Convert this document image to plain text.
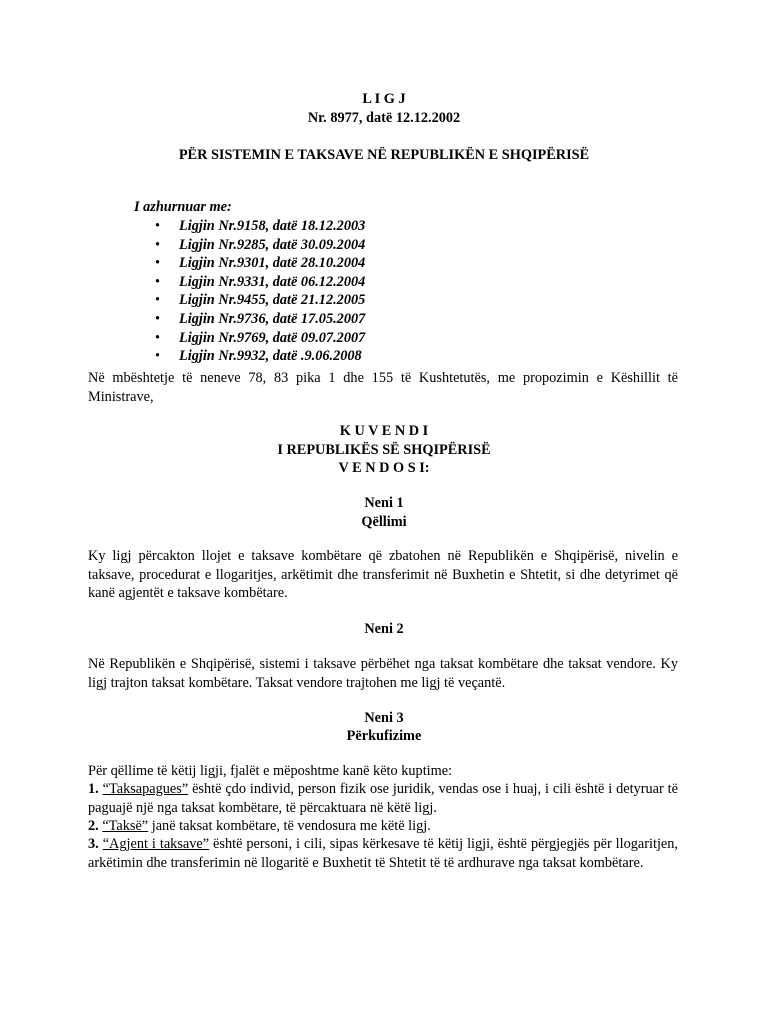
L I G J
Nr. 8977, datë 12.12.2002
PËR SISTEMIN E TAKSAVE NË REPUBLIKËN E SHQIPËRISË
I azhurnuar me:
• Ligjin Nr.9158, datë 18.12.2003
• Ligjin Nr.9285, datë 30.09.2004
• Ligjin Nr.9301, datë 28.10.2004
• Ligjin Nr.9331, datë 06.12.2004
• Ligjin Nr.9455, datë 21.12.2005
• Ligjin Nr.9736, datë 17.05.2007
• Ligjin Nr.9769, datë 09.07.2007
• Ligjin Nr.9932, datë .9.06.2008

Në mbështetje të neneve 78, 83 pika 1 dhe 155 të Kushtetutës, me propozimin e Këshillit të Ministrave,

K U V E N D I
I REPUBLIKËS SË SHQIPËRISË
V E N D O S I:
Neni 1
Qëllimi

Ky ligj përcakton llojet e taksave kombëtare që zbatohen në Republikën e Shqipërisë, nivelin e taksave, procedurat e llogaritjes, arkëtimit dhe transferimit në Buxhetin e Shtetit, si dhe detyrimet që kanë agjentët e taksave kombëtare.

Neni 2

Në Republikën e Shqipërisë, sistemi i taksave përbëhet nga taksat kombëtare dhe taksat vendore. Ky ligj trajton taksat kombëtare. Taksat vendore trajtohen me ligj të veçantë.

Neni 3
Përkufizime

Për qëllime të këtij ligji, fjalët e mëposhtme kanë këto kuptime:

1. “Taksapagues” është çdo individ, person fizik ose juridik, vendas ose i huaj, i cili është i detyruar të paguajë një nga taksat kombëtare, të përcaktuara në këtë ligj.

2. “Taksë” janë taksat kombëtare, të vendosura me këtë ligj.

3. “Agjent i taksave” është personi, i cili, sipas kërkesave të këtij ligji, është përgjegjës për llogaritjen, arkëtimin dhe transferimin në llogaritë e Buxhetit të Shtetit të të ardhurave nga taksat kombëtare.
